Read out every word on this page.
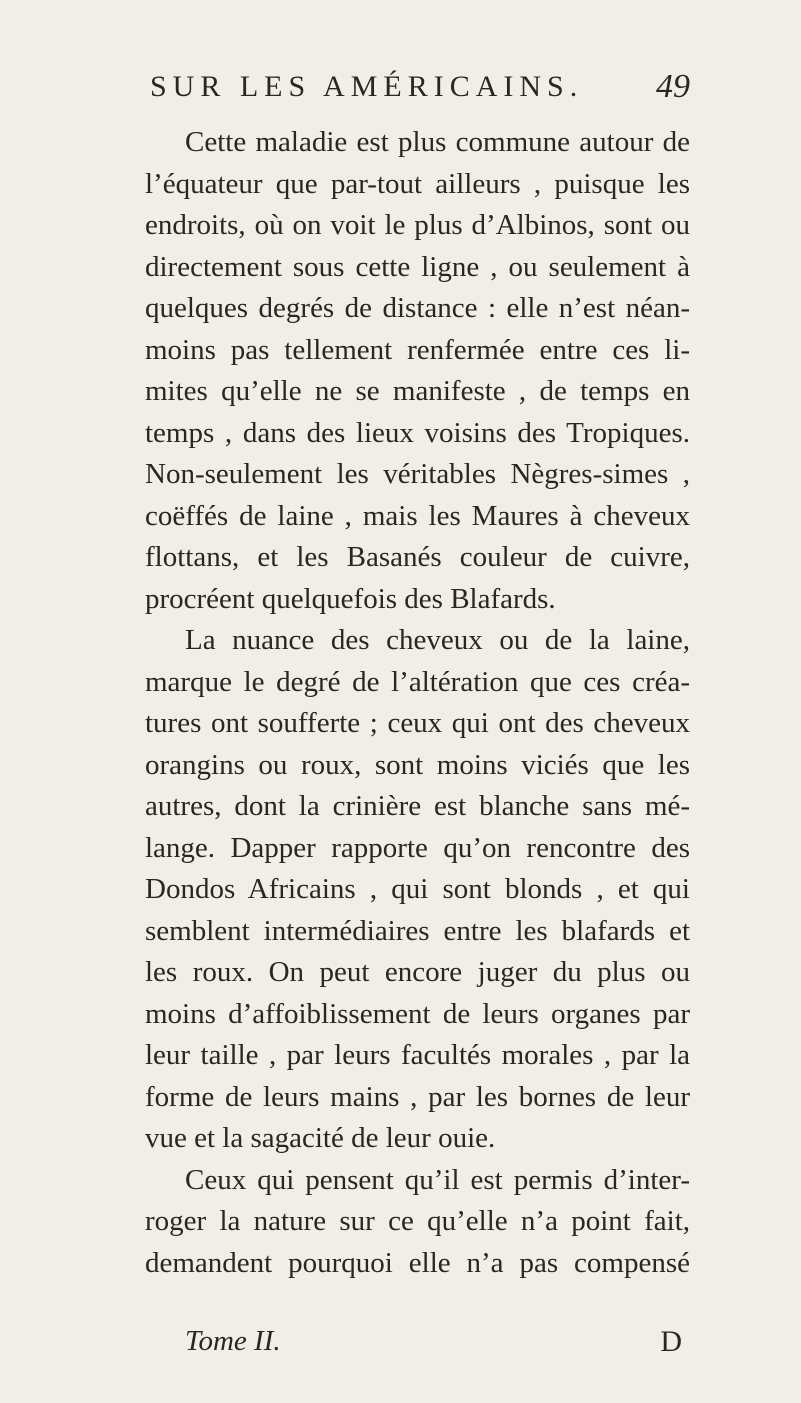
SUR LES AMÉRICAINS. 49
Cette maladie est plus commune autour de
l’équateur que par-tout ailleurs , puisque les
endroits, où on voit le plus d’Albinos, sont ou
directement sous cette ligne , ou seulement à
quelques degrés de distance : elle n’est néan-
moins pas tellement renfermée entre ces li-
mites qu’elle ne se manifeste , de temps en
temps , dans des lieux voisins des Tropiques.
Non-seulement les véritables Nègres-simes ,
coëffés de laine , mais les Maures à cheveux
flottans, et les Basanés couleur de cuivre,
procréent quelquefois des Blafards.
La nuance des cheveux ou de la laine,
marque le degré de l’altération que ces créa-
tures ont soufferte ; ceux qui ont des cheveux
orangins ou roux, sont moins viciés que les
autres, dont la crinière est blanche sans mé-
lange. Dapper rapporte qu’on rencontre des
Dondos Africains , qui sont blonds , et qui
semblent intermédiaires entre les blafards et
les roux. On peut encore juger du plus ou
moins d’affoiblissement de leurs organes par
leur taille , par leurs facultés morales , par la
forme de leurs mains , par les bornes de leur
vue et la sagacité de leur ouie.
Ceux qui pensent qu’il est permis d’inter-
roger la nature sur ce qu’elle n’a point fait,
demandent pourquoi elle n’a pas compensé
Tome II.	D
